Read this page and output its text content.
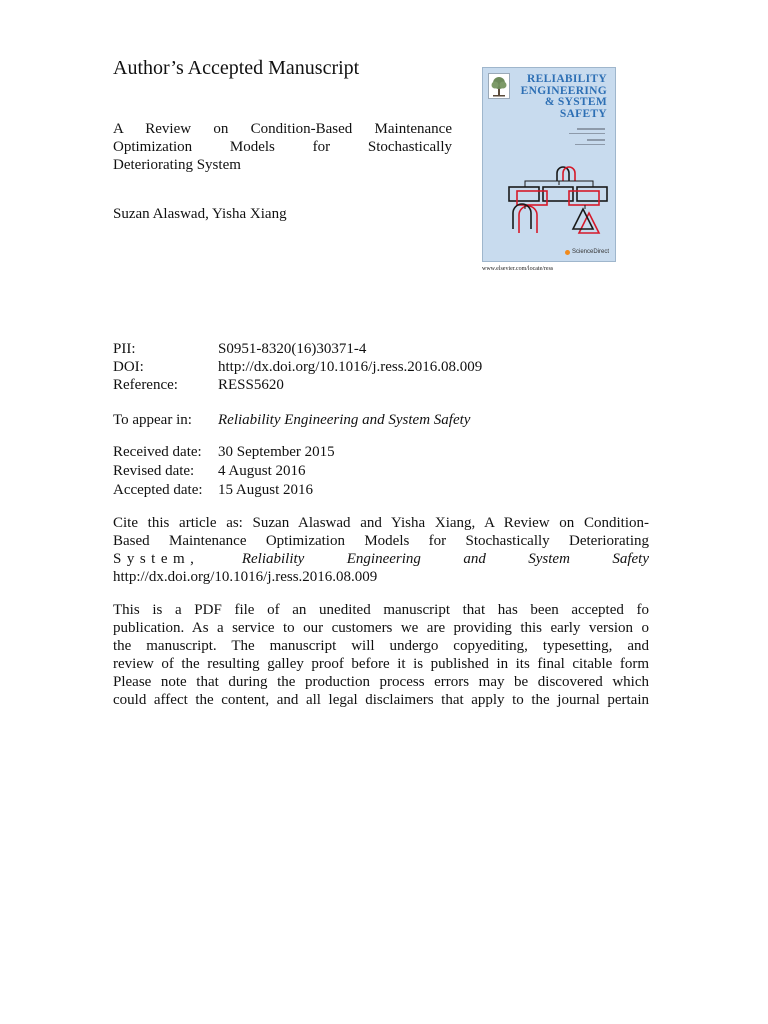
Author’s Accepted Manuscript
A Review on Condition-Based Maintenance
Optimization Models for Stochastically
Deteriorating System
Suzan Alaswad, Yisha Xiang
RELIABILITY
ENGINEERING
& SYSTEM
SAFETY
ScienceDirect
www.elsevier.com/locate/ress
PII:	S0951-8320(16)30371-4
DOI:	http://dx.doi.org/10.1016/j.ress.2016.08.009
Reference:	RESS5620
To appear in: Reliability Engineering and System Safety
Received date: 30 September 2015
Revised date: 4 August 2016
Accepted date: 15 August 2016
Cite this article as: Suzan Alaswad and Yisha Xiang, A Review on Condition-
Based Maintenance Optimization Models for Stochastically Deteriorating
System,	Reliability	Engineering	and	System	Safety
http://dx.doi.org/10.1016/j.ress.2016.08.009
This is a PDF file of an unedited manuscript that has been accepted fo
publication. As a service to our customers we are providing this early version o
the manuscript. The manuscript will undergo copyediting, typesetting, and
review of the resulting galley proof before it is published in its final citable form
Please note that during the production process errors may be discovered which
could affect the content, and all legal disclaimers that apply to the journal pertain
